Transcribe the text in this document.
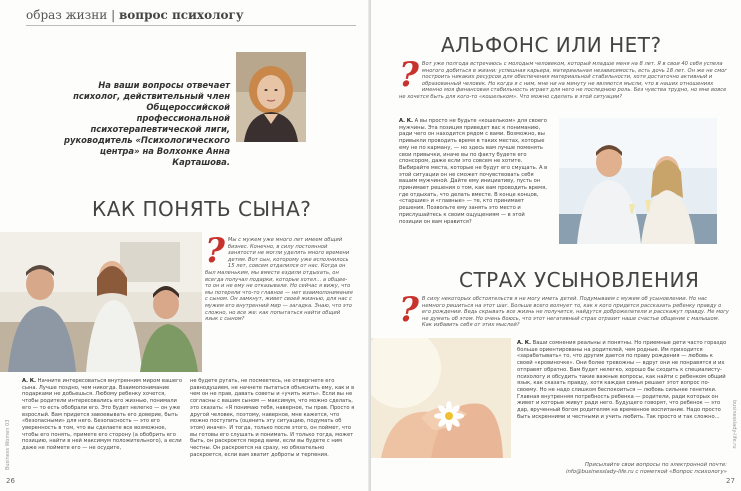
образ жизни | вопрос психологу
На ваши вопросы отвечает психолог, действительный член Общероссийской профессиональной психотерапевтической лиги, руководитель «Психологического центра» на Волхонке Анна Карташова.
КАК ПОНЯТЬ СЫНА?
? Мы с мужем уже много лет имеем общий бизнес. Конечно, в силу постоянной занятости не могли уделять много времени детям. Вот сын, которому уже исполнилось 15 лет, совсем отдалился от нас. Когда он был маленьким, мы вместе ездили отдыхать, он всегда получал подарки, которые хотел... а общее-то он и не ему не отказывали. Но сейчас я вижу, что мы потеряли что-то главное — нет взаимопонимания с сыном. Он замкнут, живет своей жизнью, для нас с мужем его внутренний мир — загадка. Знаю, что это сложно, но все же: как попытаться найти общий язык с сыном?
А. К. Начните интересоваться внутренним миром вашего сына. Лучше поздно, чем никогда. Взаимопонимание подарками не добьешься. Любому ребенку хочется, чтобы родители интересовались его жизнью, понимали его — то есть обобрали его. Это будет нелегко — он уже взрослый. Вам придется завоевывать его доверие, быть «безопасными» для него. Безопасность — это его уверенность в том, что вы сделаете все возможное, чтобы его понять, примете его сторону (а обобрить его позицию, найти в ней максимум положительного), а если даже не поймете его — не осудите,
не будете ругать, не посмеетесь, не отвергнете его равнодушием, не начнете пытаться объяснить ему, как и в чем он не прав, давать советы и «учить жить». Если вы не согласны с вашим сыном — максимум, что можно сделать, это сказать: «Я понимаю тебя, наверное, ты прав. Просто я другой человек, поэтому, наверное, мне кажется, что можно поступить (оценить эту ситуацию, подумать об этом) иначе». И тогда, только после этого, он поймет, что вы готовы его слушать и понимать. И только тогда, может быть, он раскроется перед вами, если вы будете с ним честны. Он раскроется на сразу, но обязательно раскроется, если вам хватит доброты и терпения.
26
Business Women 03
АЛЬФОНС ИЛИ НЕТ?
? Вот уже полгода встречаюсь с молодым человеком, который младше меня на 8 лет. Я в свои 40 себя успела многого добиться в жизни: успешная карьера, материальная независимость, есть дочь 18 лет. Он же не смог построить никаких ресурсов для обеспечения материальной стабильности, хотя достаточно активный и образованный человек. Но когда я с ним, мне ни на минуту не являются мысли, что в наших отношениях именно моя финансовая стабильность играет для него не последнюю роль. Без чувства трудно, но мне вовсе не хочется быть для кого-то «кошельком». Что можно сделать в этой ситуации?
А. К. А вы просто не будьте «кошельком» для своего мужчины. Эта позиция приведет вас к пониманию, ради чего он находится рядом с вами. Возможно, вы привыкли проводить время в таких местах, которые ему не по карману, — но здесь вам лучше поменять свои привычки, иначе вы по факту будете его спонсором, даже если это совсем не хотите. Выбирайте места, которые не будут его смущать. А в этой ситуации он не сможет почувствовать себя вашим мужчиной. Дайте ему инициативу, пусть он принимает решения о том, как вам проводить время, где отдыхать, что делать вместе. В конце концов, «старшие» и «главные» — те, кто принимает решения. Позвольте ему занять это место и прислушайтесь к своим ощущениям — в этой позиции он вам нравится?
СТРАХ УСЫНОВЛЕНИЯ
? В силу некоторых обстоятельств я не могу иметь детей. Подумываем с мужем об усыновлении. Но нас немного решиться на этот шаг. Больше всего волнует то, как к кого придется рассказать ребенку правду о его рождении. Ведь скрывать все жизнь не получится, найдутся доброжелатели и расскажут правду. Не могу не думать об этом. Но очень боюсь, что этот негативный страх отразит наше счастье общение с малышом. Как избавить себя от этих мыслей?
А. К. Ваши сомнения реальны и понятны. Но приемные дети часто гораздо больше ориентированы на родителей, чем родные. Им приходится «зарабатывать» то, что другим дается по праву рождения — любовь к своей «кровиночке». Они более тревожны — вдруг они не понравятся и их отправят обратно. Вам будет нелегко, хорошо бы сходить к специалисту-психологу и обсудить такие важные вопросы, как найти с ребенком общий язык, как сказать правду, хотя каждая семья решает этот вопрос по-своему. Но не надо слишком беспокоиться — любовь сильнее генетики. Главная внутренняя потребность ребенка — родители, ради которых он живет и которые живут ради него. Будущего говорят, что ребенок — это дар, врученный богом родителям на временное воспитание. Надо просто быть искренними и честными и учить любить. Так просто и так сложно...
Присылайте свои вопросы по электронной почте:
info@businesslady-life.ru с пометкой «Вопрос психологу»
27
businesslady-life.ru
